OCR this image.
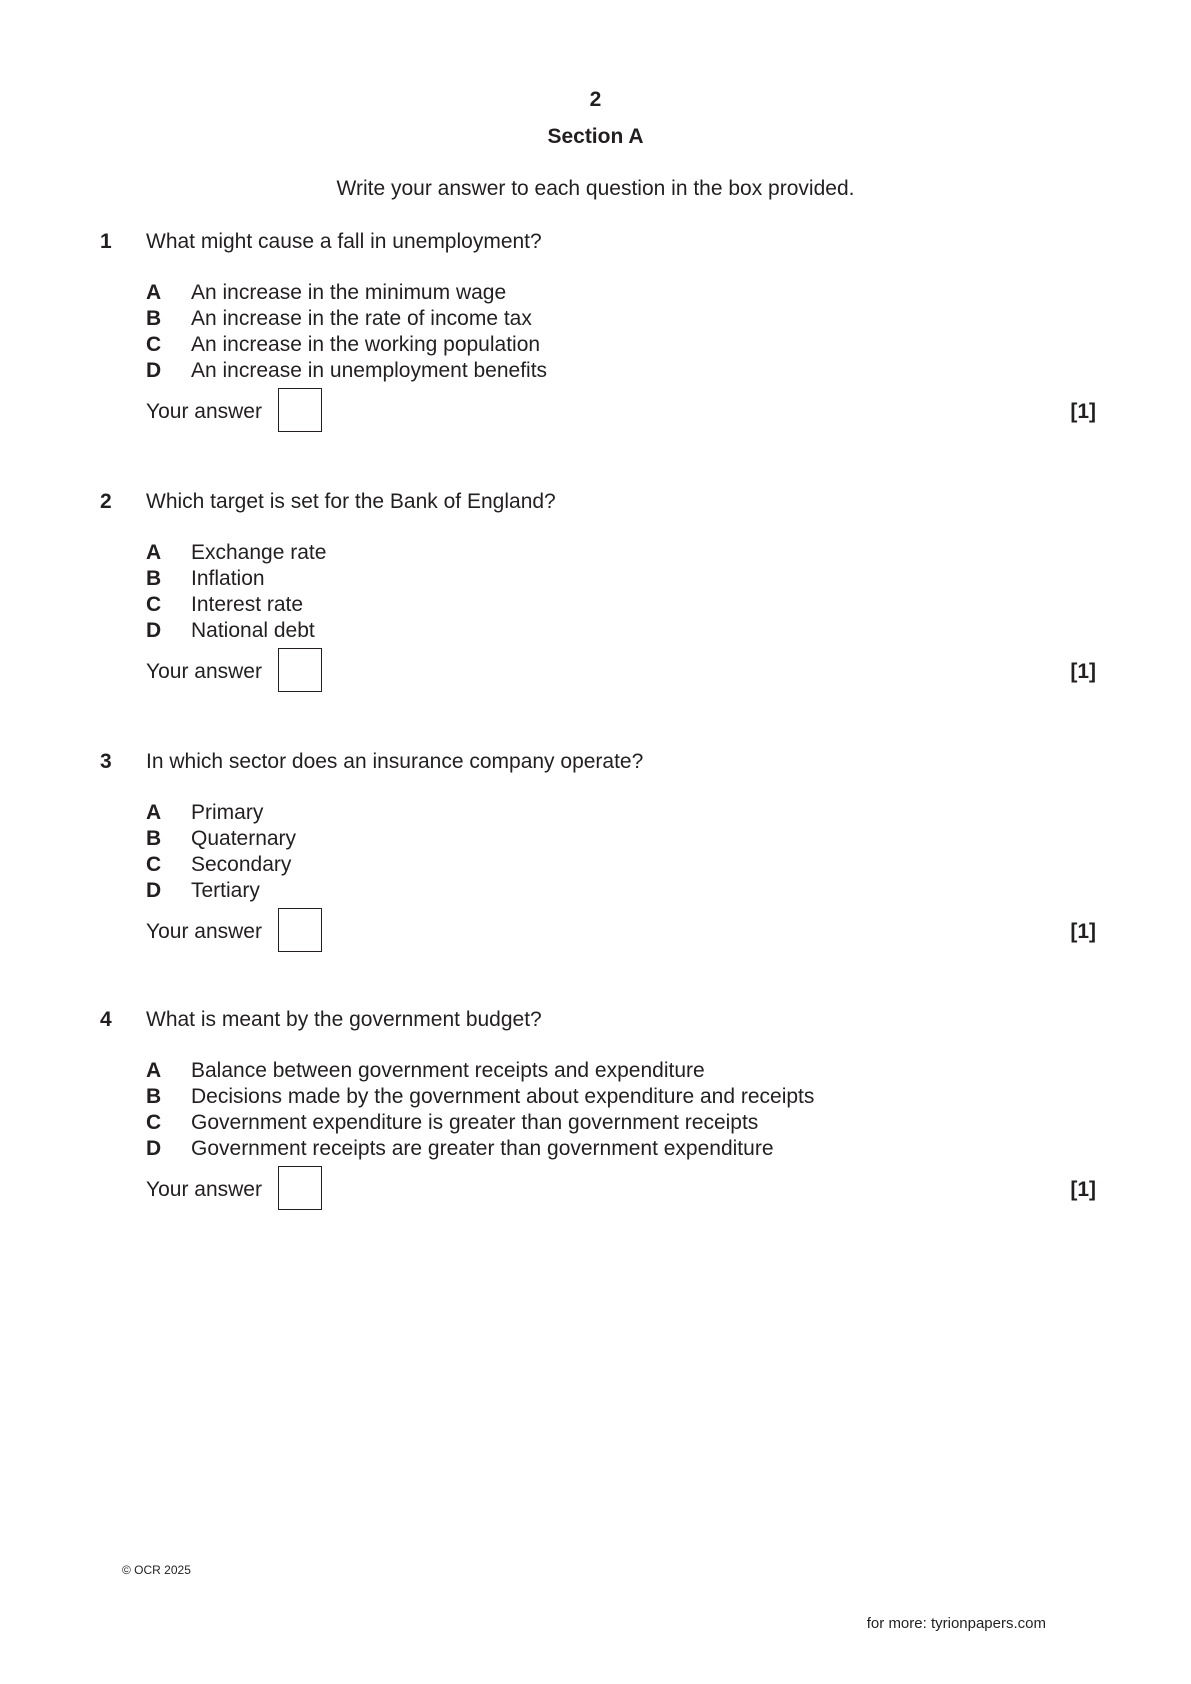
2
Section A
Write your answer to each question in the box provided.
1 What might cause a fall in unemployment?
A An increase in the minimum wage
B An increase in the rate of income tax
C An increase in the working population
D An increase in unemployment benefits
Your answer	[1]
2 Which target is set for the Bank of England?
A Exchange rate
B Inflation
C Interest rate
D National debt
Your answer	[1]
3 In which sector does an insurance company operate?
A Primary
B Quaternary
C Secondary
D Tertiary
Your answer	[1]
4 What is meant by the government budget?
A Balance between government receipts and expenditure
B Decisions made by the government about expenditure and receipts
C Government expenditure is greater than government receipts
D Government receipts are greater than government expenditure
Your answer	[1]
© OCR 2025
for more: tyrionpapers.com
